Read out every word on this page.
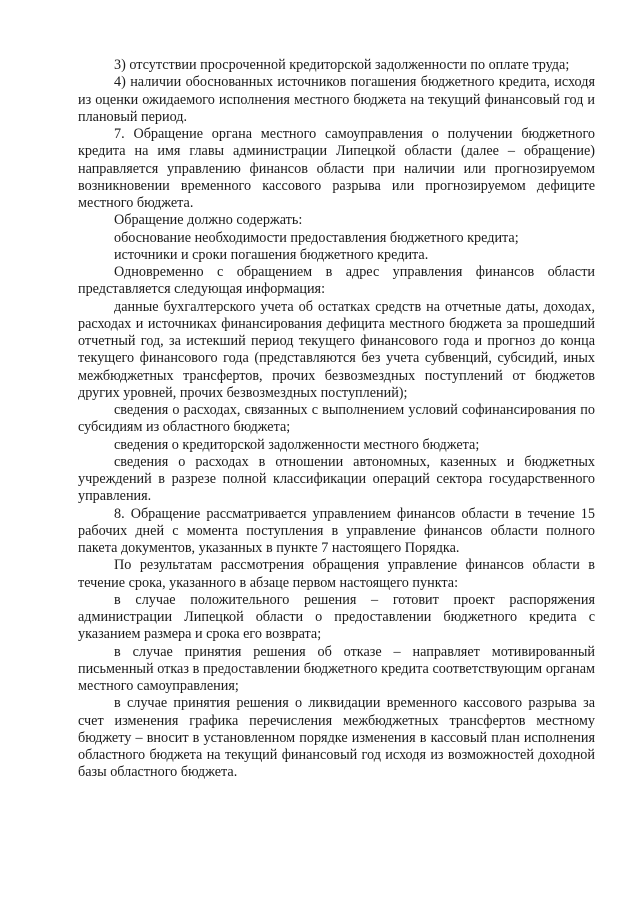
3) отсутствии просроченной кредиторской задолженности по оплате труда;

4) наличии обоснованных источников погашения бюджетного кредита, исходя из оценки ожидаемого исполнения местного бюджета на текущий финансовый год и плановый период.

7. Обращение органа местного самоуправления о получении бюджетного кредита на имя главы администрации Липецкой области (далее – обращение) направляется управлению финансов области при наличии или прогнозируемом возникновении временного кассового разрыва или прогнозируемом дефиците местного бюджета.

Обращение должно содержать:

обоснование необходимости предоставления бюджетного кредита;

источники и сроки погашения бюджетного кредита.

Одновременно с обращением в адрес управления финансов области представляется следующая информация:

данные бухгалтерского учета об остатках средств на отчетные даты, доходах, расходах и источниках финансирования дефицита местного бюджета за прошедший отчетный год, за истекший период текущего финансового года и прогноз до конца текущего финансового года (представляются без учета субвенций, субсидий, иных межбюджетных трансфертов, прочих безвозмездных поступлений от бюджетов других уровней, прочих безвозмездных поступлений);

сведения о расходах, связанных с выполнением условий софинансирования по субсидиям из областного бюджета;

сведения о кредиторской задолженности местного бюджета;

сведения о расходах в отношении автономных, казенных и бюджетных учреждений в разрезе полной классификации операций сектора государственного управления.

8. Обращение рассматривается управлением финансов области в течение 15 рабочих дней с момента поступления в управление финансов области полного пакета документов, указанных в пункте 7 настоящего Порядка.

По результатам рассмотрения обращения управление финансов области в течение срока, указанного в абзаце первом настоящего пункта:

в случае положительного решения – готовит проект распоряжения администрации Липецкой области о предоставлении бюджетного кредита с указанием размера и срока его возврата;

в случае принятия решения об отказе – направляет мотивированный письменный отказ в предоставлении бюджетного кредита соответствующим органам местного самоуправления;

в случае принятия решения о ликвидации временного кассового разрыва за счет изменения графика перечисления межбюджетных трансфертов местному бюджету – вносит в установленном порядке изменения в кассовый план исполнения областного бюджета на текущий финансовый год исходя из возможностей доходной базы областного бюджета.
